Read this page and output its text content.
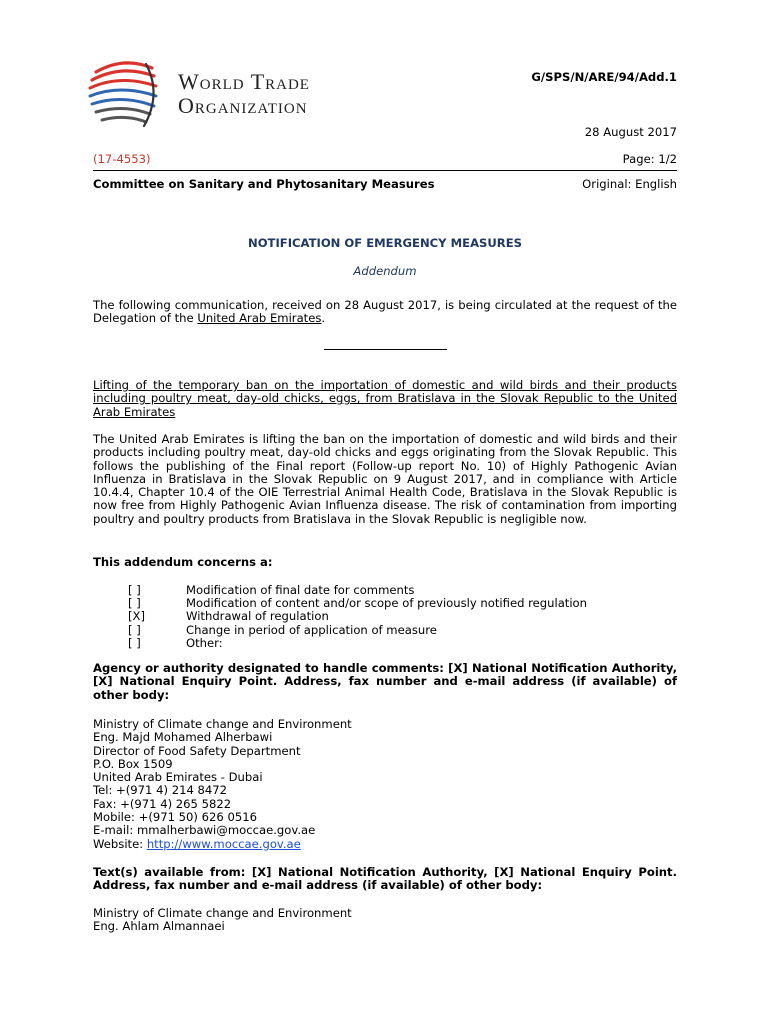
World Trade
Organization
G/SPS/N/ARE/94/Add.1
28 August 2017
(17-4553)	Page: 1/2
Committee on Sanitary and Phytosanitary Measures	Original: English
NOTIFICATION OF EMERGENCY MEASURES
Addendum
The following communication, received on 28 August 2017, is being circulated at the request of the Delegation of the United Arab Emirates.
Lifting of the temporary ban on the importation of domestic and wild birds and their products including poultry meat, day-old chicks, eggs, from Bratislava in the Slovak Republic to the United Arab Emirates
The United Arab Emirates is lifting the ban on the importation of domestic and wild birds and their products including poultry meat, day-old chicks and eggs originating from the Slovak Republic. This follows the publishing of the Final report (Follow-up report No. 10) of Highly Pathogenic Avian Influenza in Bratislava in the Slovak Republic on 9 August 2017, and in compliance with Article 10.4.4, Chapter 10.4 of the OIE Terrestrial Animal Health Code, Bratislava in the Slovak Republic is now free from Highly Pathogenic Avian Influenza disease. The risk of contamination from importing poultry and poultry products from Bratislava in the Slovak Republic is negligible now.
This addendum concerns a:
[ ]	Modification of final date for comments
[ ]	Modification of content and/or scope of previously notified regulation
[X]	Withdrawal of regulation
[ ]	Change in period of application of measure
[ ]	Other:
Agency or authority designated to handle comments: [X] National Notification Authority, [X] National Enquiry Point. Address, fax number and e-mail address (if available) of other body:
Ministry of Climate change and Environment
Eng. Majd Mohamed Alherbawi
Director of Food Safety Department
P.O. Box 1509
United Arab Emirates - Dubai
Tel: +(971 4) 214 8472
Fax: +(971 4) 265 5822
Mobile: +(971 50) 626 0516
E-mail: mmalherbawi@moccae.gov.ae
Website: http://www.moccae.gov.ae
Text(s) available from: [X] National Notification Authority, [X] National Enquiry Point. Address, fax number and e-mail address (if available) of other body:
Ministry of Climate change and Environment
Eng. Ahlam Almannaei
